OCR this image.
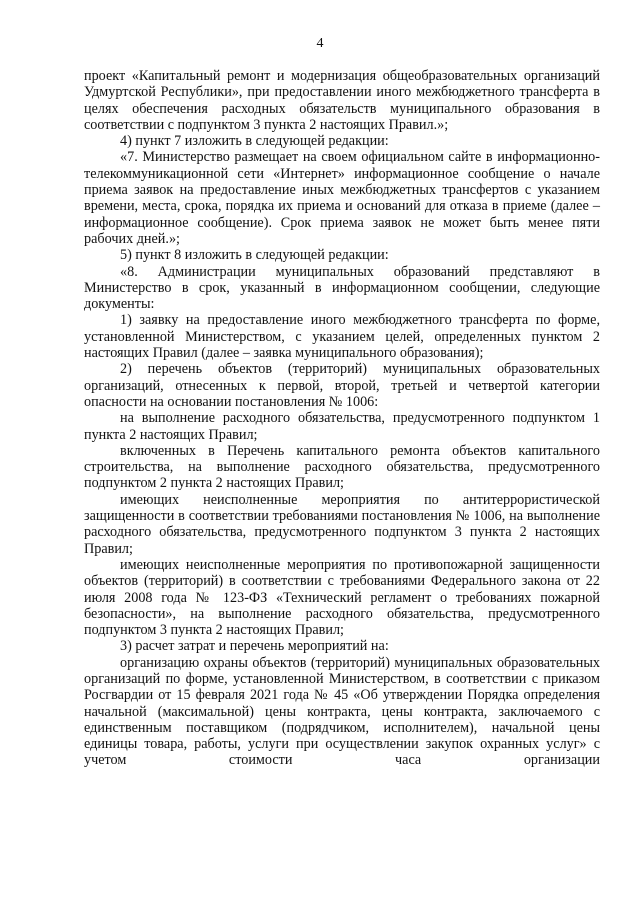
4

проект «Капитальный ремонт и модернизация общеобразовательных организаций Удмуртской Республики», при предоставлении иного межбюджетного трансферта в целях обеспечения расходных обязательств муниципального образования в соответствии с подпунктом 3 пункта 2 настоящих Правил.»;

4) пункт 7 изложить в следующей редакции:

«7. Министерство размещает на своем официальном сайте в информационно-телекоммуникационной сети «Интернет» информационное сообщение о начале приема заявок на предоставление иных межбюджетных трансфертов с указанием времени, места, срока, порядка их приема и оснований для отказа в приеме (далее – информационное сообщение). Срок приема заявок не может быть менее пяти рабочих дней.»;

5) пункт 8 изложить в следующей редакции:

«8. Администрации муниципальных образований представляют в Министерство в срок, указанный в информационном сообщении, следующие документы:

1) заявку на предоставление иного межбюджетного трансферта по форме, установленной Министерством, с указанием целей, определенных пунктом 2 настоящих Правил (далее – заявка муниципального образования);

2) перечень объектов (территорий) муниципальных образовательных организаций, отнесенных к первой, второй, третьей и четвертой категории опасности на основании постановления № 1006:

на выполнение расходного обязательства, предусмотренного подпунктом 1 пункта 2 настоящих Правил;

включенных в Перечень капитального ремонта объектов капитального строительства, на выполнение расходного обязательства, предусмотренного подпунктом 2 пункта 2 настоящих Правил;

имеющих неисполненные мероприятия по антитеррористической защищенности в соответствии требованиями постановления № 1006, на выполнение расходного обязательства, предусмотренного подпунктом 3 пункта 2 настоящих Правил;

имеющих неисполненные мероприятия по противопожарной защищенности объектов (территорий) в соответствии с требованиями Федерального закона от 22 июля 2008 года № 123-ФЗ «Технический регламент о требованиях пожарной безопасности», на выполнение расходного обязательства, предусмотренного подпунктом 3 пункта 2 настоящих Правил;

3) расчет затрат и перечень мероприятий на:

организацию охраны объектов (территорий) муниципальных образовательных организаций по форме, установленной Министерством, в соответствии с приказом Росгвардии от 15 февраля 2021 года № 45 «Об утверждении Порядка определения начальной (максимальной) цены контракта, цены контракта, заключаемого с единственным поставщиком (подрядчиком, исполнителем), начальной цены единицы товара, работы, услуги при осуществлении закупок охранных услуг» с учетом стоимости часа организации
